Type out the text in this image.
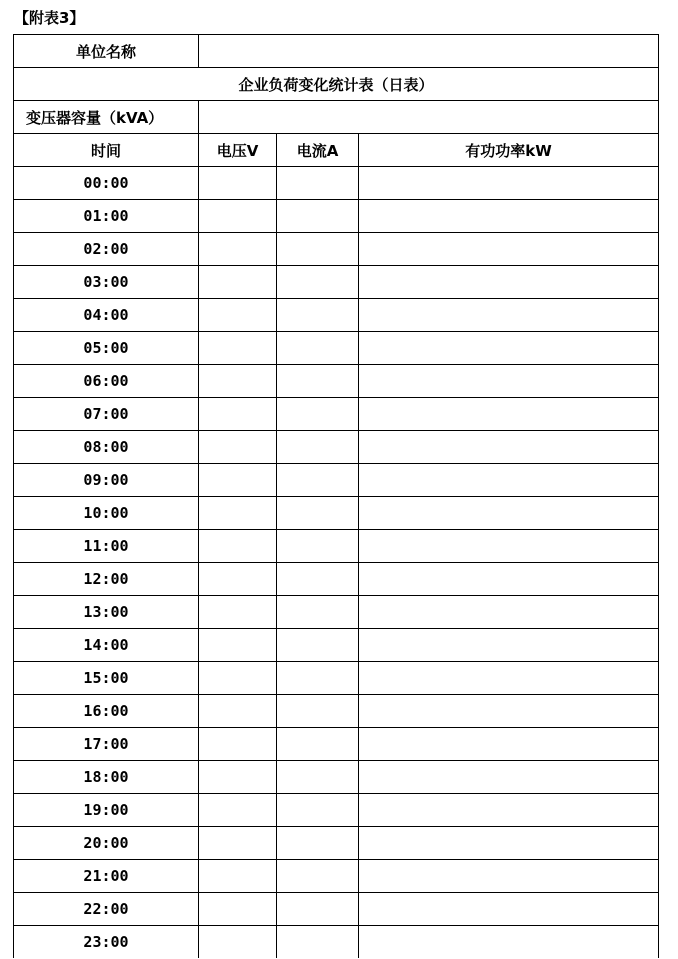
【附表3】
单位名称			
企业负荷变化统计表（日表）			
变压器容量（kVA）			
时间	电压V	电流A	有功功率kW
00:00			
01:00			
02:00			
03:00			
04:00			
05:00			
06:00			
07:00			
08:00			
09:00			
10:00			
11:00			
12:00			
13:00			
14:00			
15:00			
16:00			
17:00			
18:00			
19:00			
20:00			
21:00			
22:00			
23:00			
